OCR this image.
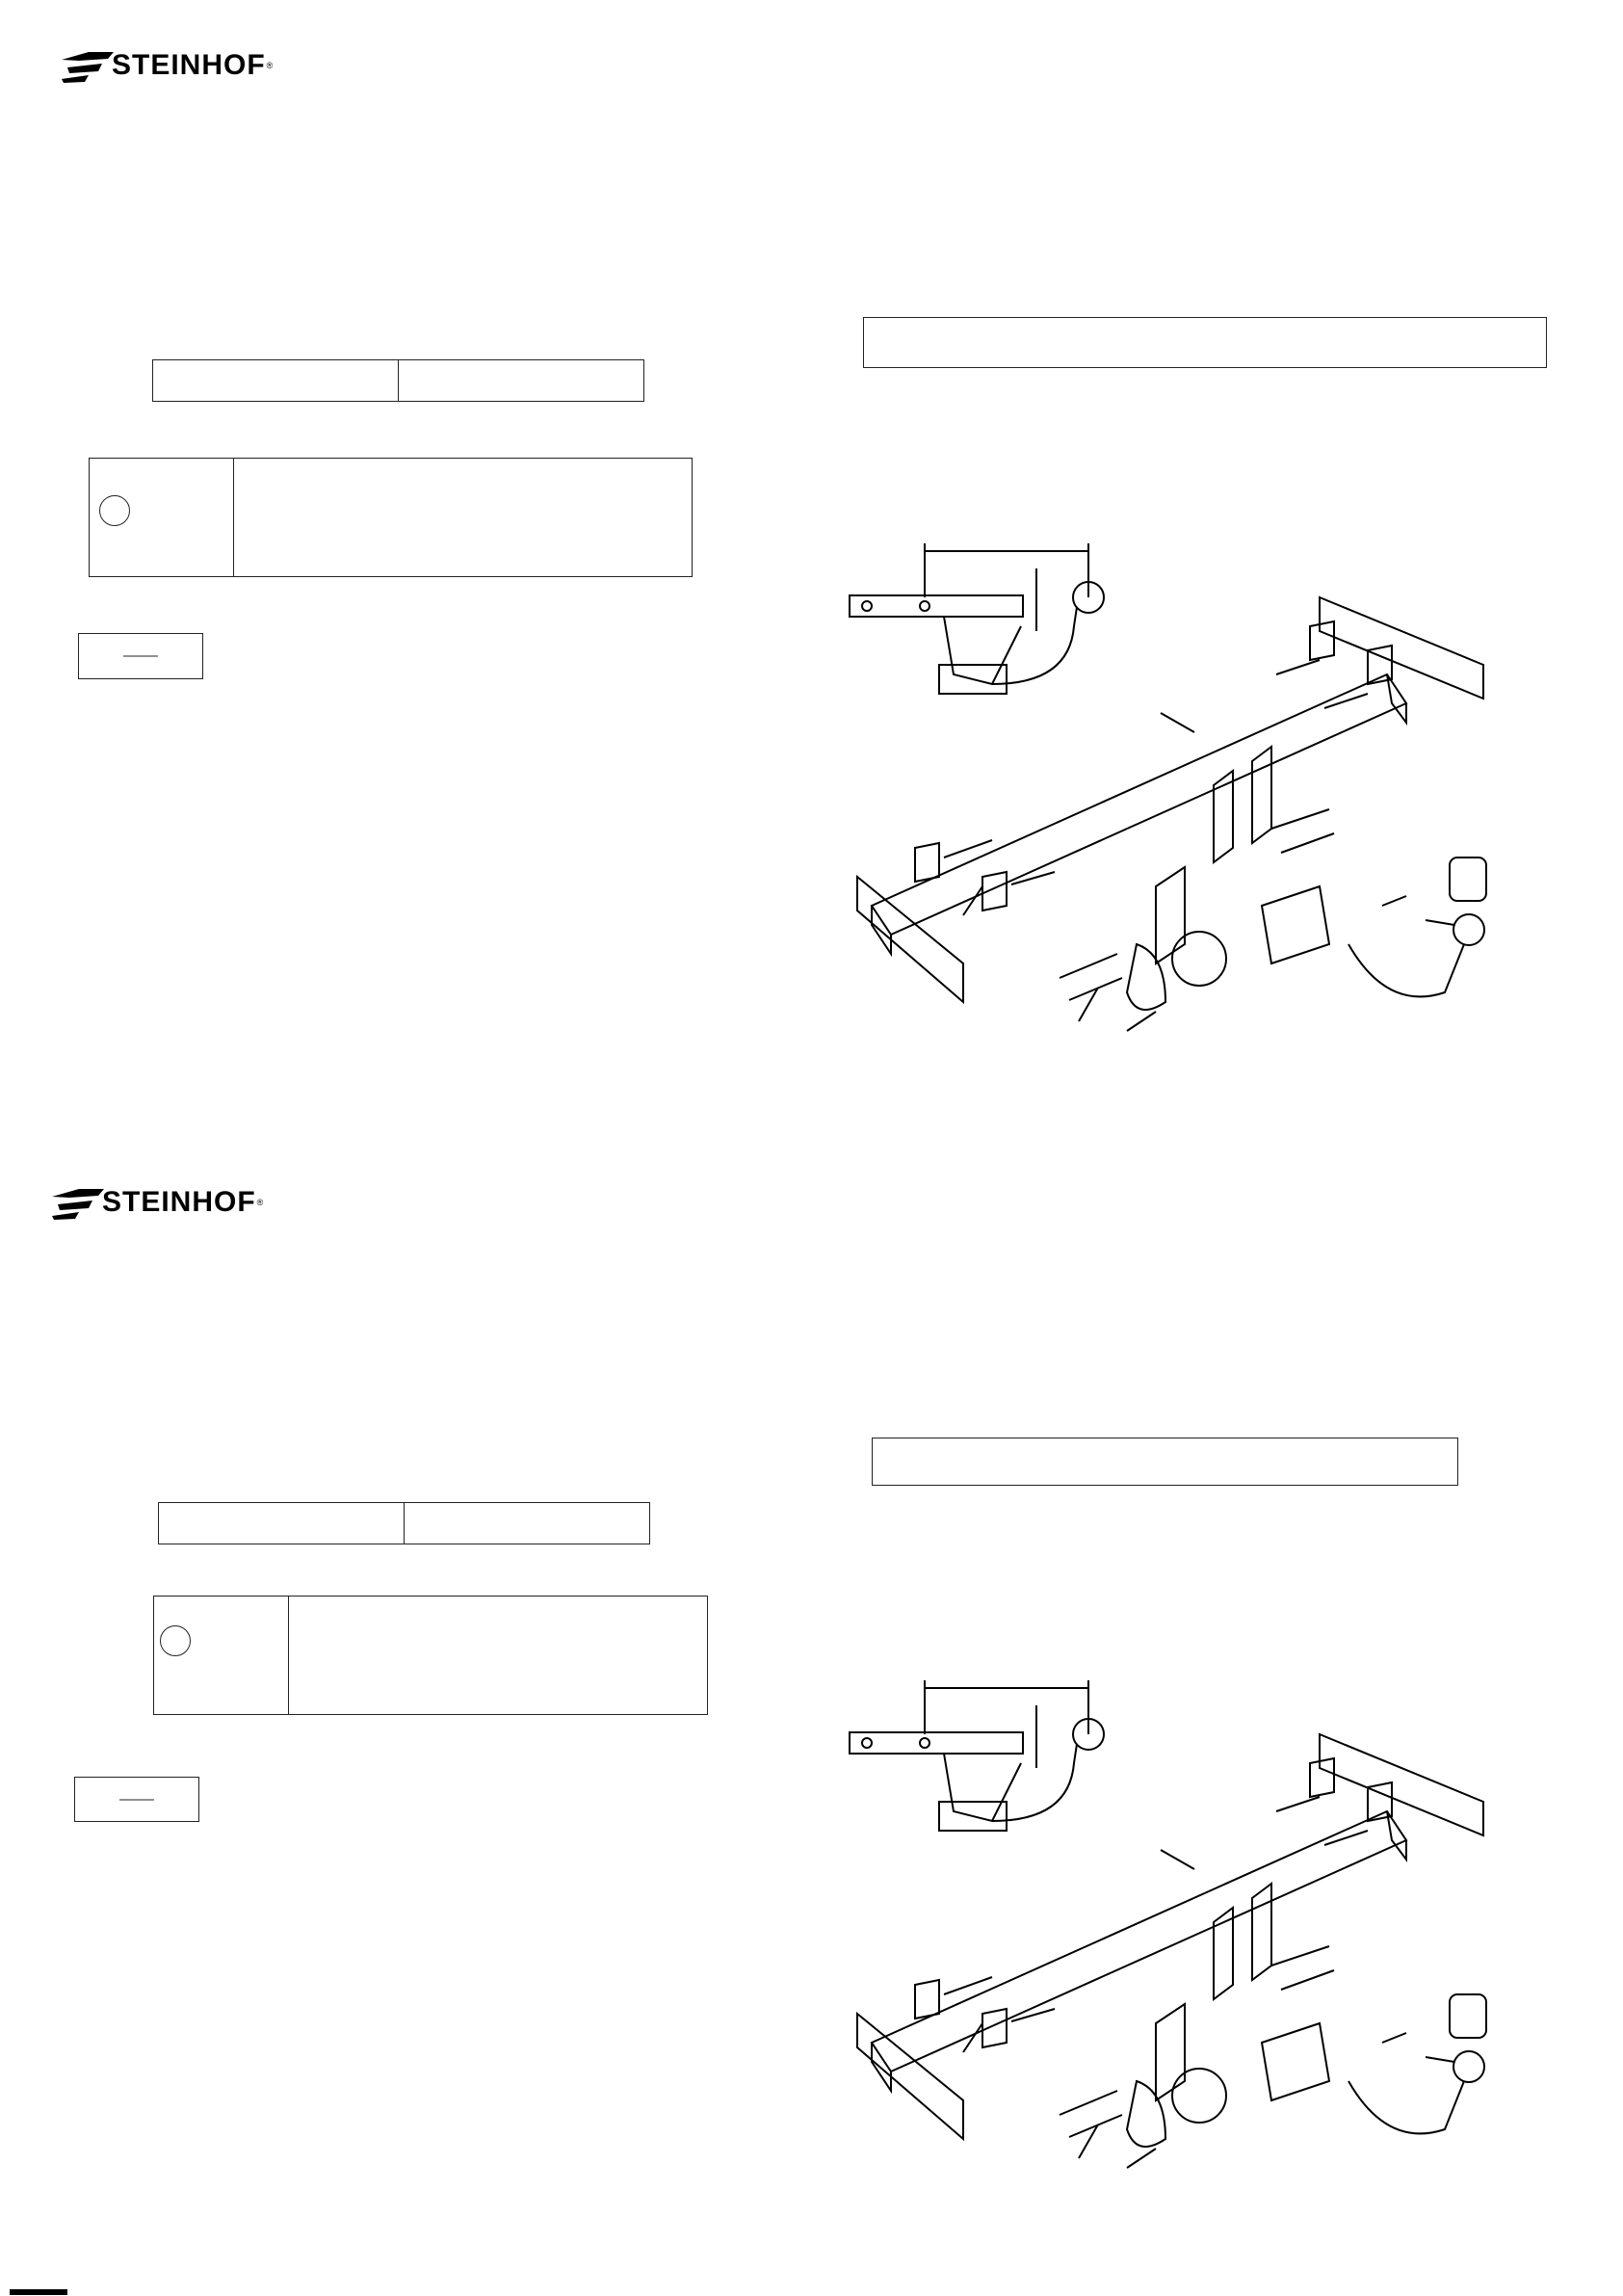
STEINHOF ®
STEINHOF ®
